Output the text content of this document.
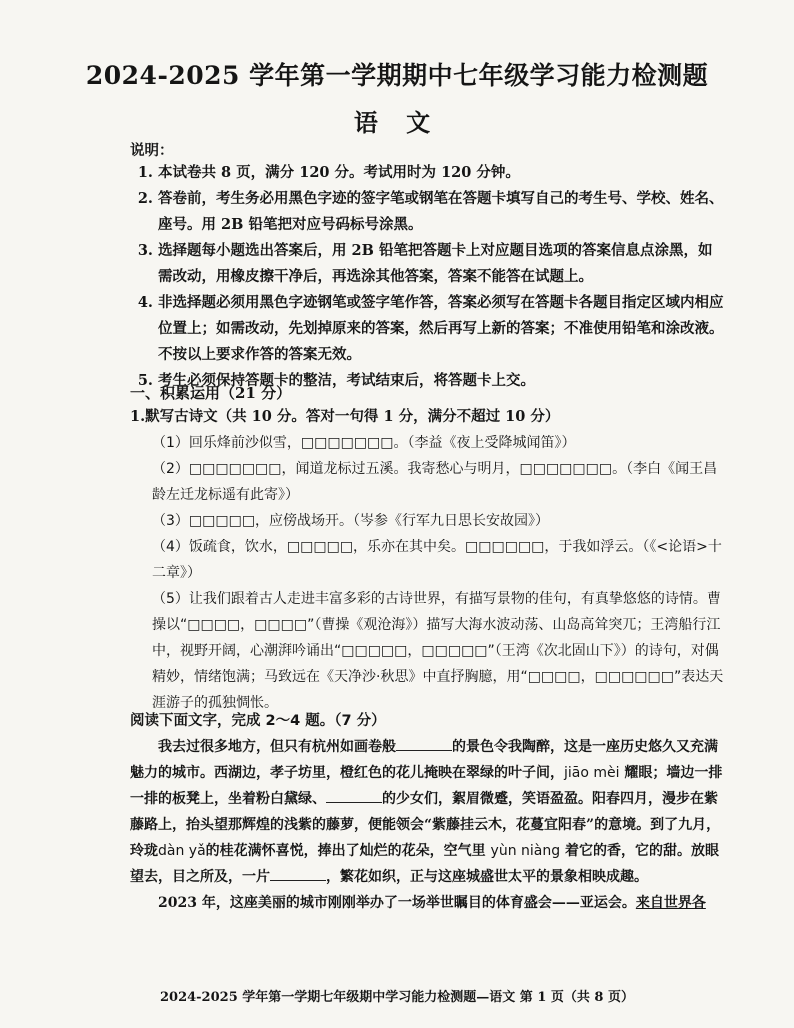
2024-2025 学年第一学期期中七年级学习能力检测题
语 文
说明：
1. 本试卷共 8 页，满分 120 分。考试用时为 120 分钟。
2. 答卷前，考生务必用黑色字迹的签字笔或钢笔在答题卡填写自己的考生号、学校、姓名、座号。用 2B 铅笔把对应号码标号涂黑。
3. 选择题每小题选出答案后，用 2B 铅笔把答题卡上对应题目选项的答案信息点涂黑，如需改动，用橡皮擦干净后，再选涂其他答案，答案不能答在试题上。
4. 非选择题必须用黑色字迹钢笔或签字笔作答，答案必须写在答题卡各题目指定区域内相应位置上；如需改动，先划掉原来的答案，然后再写上新的答案；不准使用铅笔和涂改液。不按以上要求作答的答案无效。
5. 考生必须保持答题卡的整洁，考试结束后，将答题卡上交。
一、积累运用（21 分）
1.默写古诗文（共 10 分。答对一句得 1 分，满分不超过 10 分）

（1）回乐烽前沙似雪，□□□□□□□。（李益《夜上受降城闻笛》）

（2）□□□□□□□，闻道龙标过五溪。我寄愁心与明月，□□□□□□□。（李白《闻王昌龄左迁龙标遥有此寄》）

（3）□□□□□，应傍战场开。（岑参《行军九日思长安故园》）

（4）饭疏食，饮水，□□□□□，乐亦在其中矣。□□□□□□，于我如浮云。（《<论语>十二章》）

（5）让我们跟着古人走进丰富多彩的古诗世界，有描写景物的佳句，有真挚悠悠的诗情。曹操以“□□□□，□□□□”（曹操《观沧海》）描写大海水波动荡、山岛高耸突兀；王湾船行江中，视野开阔，心潮湃吟诵出“□□□□□，□□□□□”（王湾《次北固山下》）的诗句，对偶精妙，情绪饱满；马致远在《天净沙·秋思》中直抒胸臆，用“□□□□，□□□□□□”表达天涯游子的孤独惆怅。

阅读下面文字，完成 2～4 题。（7 分）

我去过很多地方，但只有杭州如画卷般	的景色令我陶醉，这是一座历史悠久又充满魅力的城市。西湖边，孝子坊里，橙红色的花儿掩映在翠绿的叶子间，jiāo mèi 耀眼；墙边一排一排的板凳上，坐着粉白黛绿、	的少女们，絮眉微蹙，笑语盈盈。阳春四月，漫步在紫藤路上，抬头望那辉煌的浅紫的藤萝，便能领会“紫藤挂云木，花蔓宜阳春”的意境。到了九月，玲珑dàn yǎ的桂花满怀喜悦，捧出了灿烂的花朵，空气里 yùn niàng 着它的香，它的甜。放眼望去，目之所及，一片	，繁花如织，正与这座城盛世太平的景象相映成趣。

2023 年，这座美丽的城市刚刚举办了一场举世瞩目的体育盛会——亚运会。来自世界各

2024-2025 学年第一学期七年级期中学习能力检测题—语文 第 1 页（共 8 页）
